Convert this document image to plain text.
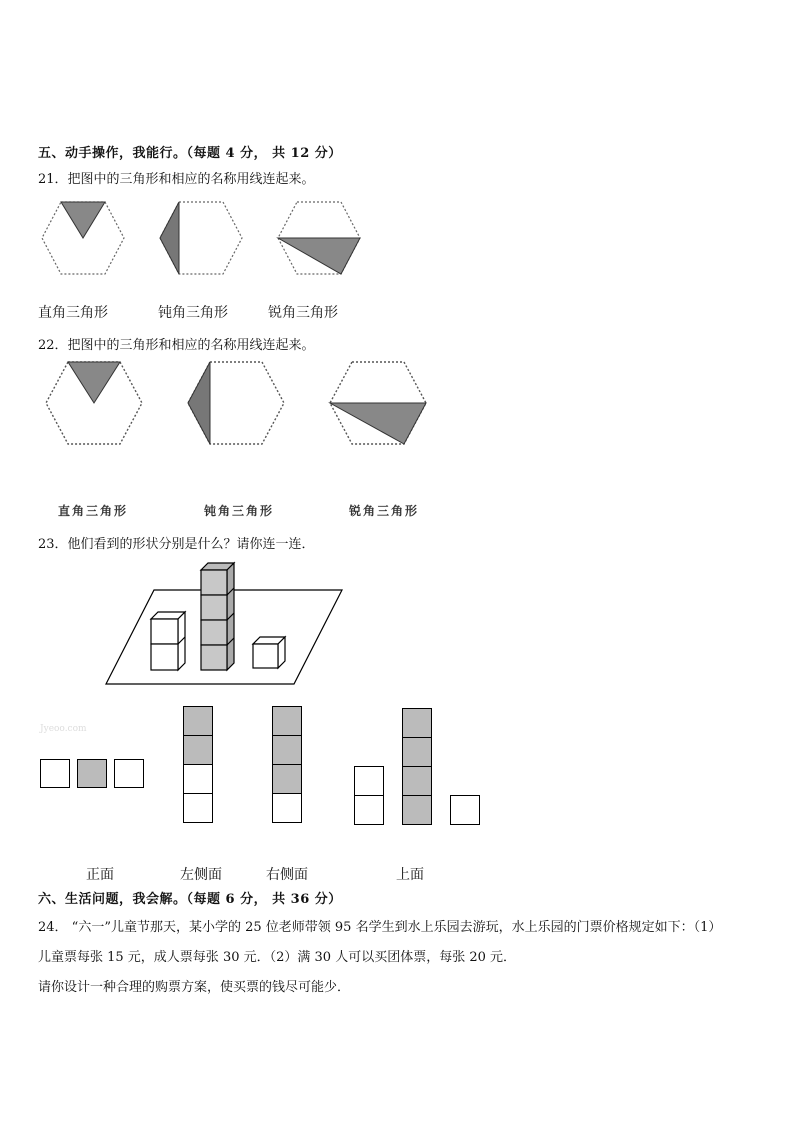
五、动手操作，我能行。（每题 4 分， 共 12 分）
21．把图中的三角形和相应的名称用线连起来。
直角三角形	钝角三角形	锐角三角形
22．把图中的三角形和相应的名称用线连起来。
直角三角形	钝角三角形	锐角三角形
23．他们看到的形状分别是什么？请你连一连．
Jyeoo.com
正面	左侧面	右侧面	上面
六、生活问题，我会解。（每题 6 分， 共 36 分）
24． “六一”儿童节那天，某小学的 25 位老师带领 95 名学生到水上乐园去游玩，水上乐园的门票价格规定如下：（1）
儿童票每张 15 元，成人票每张 30 元．（2）满 30 人可以买团体票，每张 20 元．
请你设计一种合理的购票方案，使买票的钱尽可能少．
